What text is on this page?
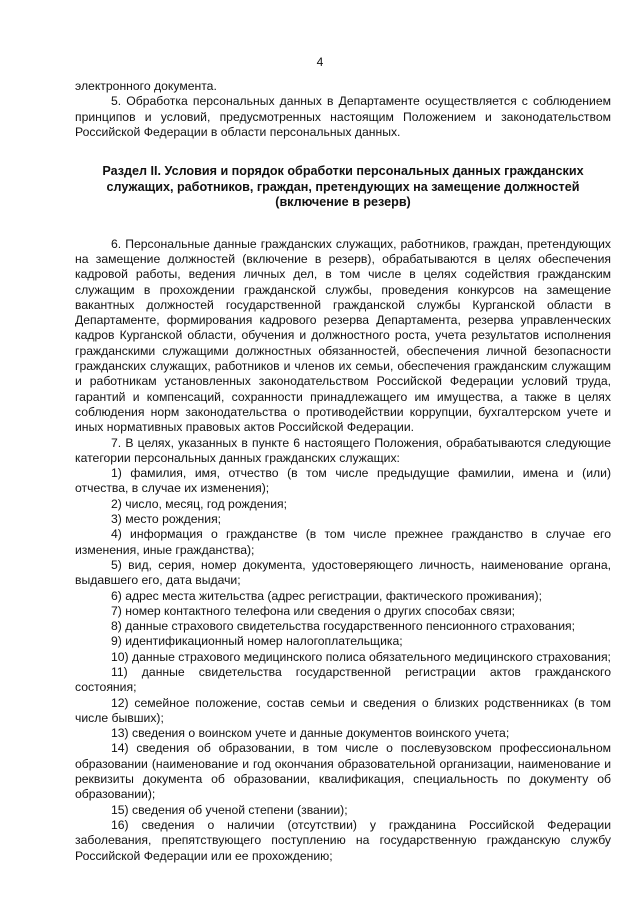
4

электронного документа.

5. Обработка персональных данных в Департаменте осуществляется с соблюдением принципов и условий, предусмотренных настоящим Положением и законодательством Российской Федерации в области персональных данных.

Раздел II. Условия и порядок обработки персональных данных гражданских
служащих, работников, граждан, претендующих на замещение должностей
(включение в резерв)

6. Персональные данные гражданских служащих, работников, граждан, претендующих на замещение должностей (включение в резерв), обрабатываются в целях обеспечения кадровой работы, ведения личных дел, в том числе в целях содействия гражданским служащим в прохождении гражданской службы, проведения конкурсов на замещение вакантных должностей государственной гражданской службы Курганской области в Департаменте, формирования кадрового резерва Департамента, резерва управленческих кадров Курганской области, обучения и должностного роста, учета результатов исполнения гражданскими служащими должностных обязанностей, обеспечения личной безопасности гражданских служащих, работников и членов их семьи, обеспечения гражданским служащим и работникам установленных законодательством Российской Федерации условий труда, гарантий и компенсаций, сохранности принадлежащего им имущества, а также в целях соблюдения норм законодательства о противодействии коррупции, бухгалтерском учете и иных нормативных правовых актов Российской Федерации.

7. В целях, указанных в пункте 6 настоящего Положения, обрабатываются следующие категории персональных данных гражданских служащих:

1) фамилия, имя, отчество (в том числе предыдущие фамилии, имена и (или) отчества, в случае их изменения);

2) число, месяц, год рождения;

3) место рождения;

4) информация о гражданстве (в том числе прежнее гражданство в случае его изменения, иные гражданства);

5) вид, серия, номер документа, удостоверяющего личность, наименование органа, выдавшего его, дата выдачи;

6) адрес места жительства (адрес регистрации, фактического проживания);

7) номер контактного телефона или сведения о других способах связи;

8) данные страхового свидетельства государственного пенсионного страхования;

9) идентификационный номер налогоплательщика;

10) данные страхового медицинского полиса обязательного медицинского страхования;

11) данные свидетельства государственной регистрации актов гражданского состояния;

12) семейное положение, состав семьи и сведения о близких родственниках (в том числе бывших);

13) сведения о воинском учете и данные документов воинского учета;

14) сведения об образовании, в том числе о послевузовском профессиональном образовании (наименование и год окончания образовательной организации, наименование и реквизиты документа об образовании, квалификация, специальность по документу об образовании);

15) сведения об ученой степени (звании);

16) сведения о наличии (отсутствии) у гражданина Российской Федерации заболевания, препятствующего поступлению на государственную гражданскую службу Российской Федерации или ее прохождению;
